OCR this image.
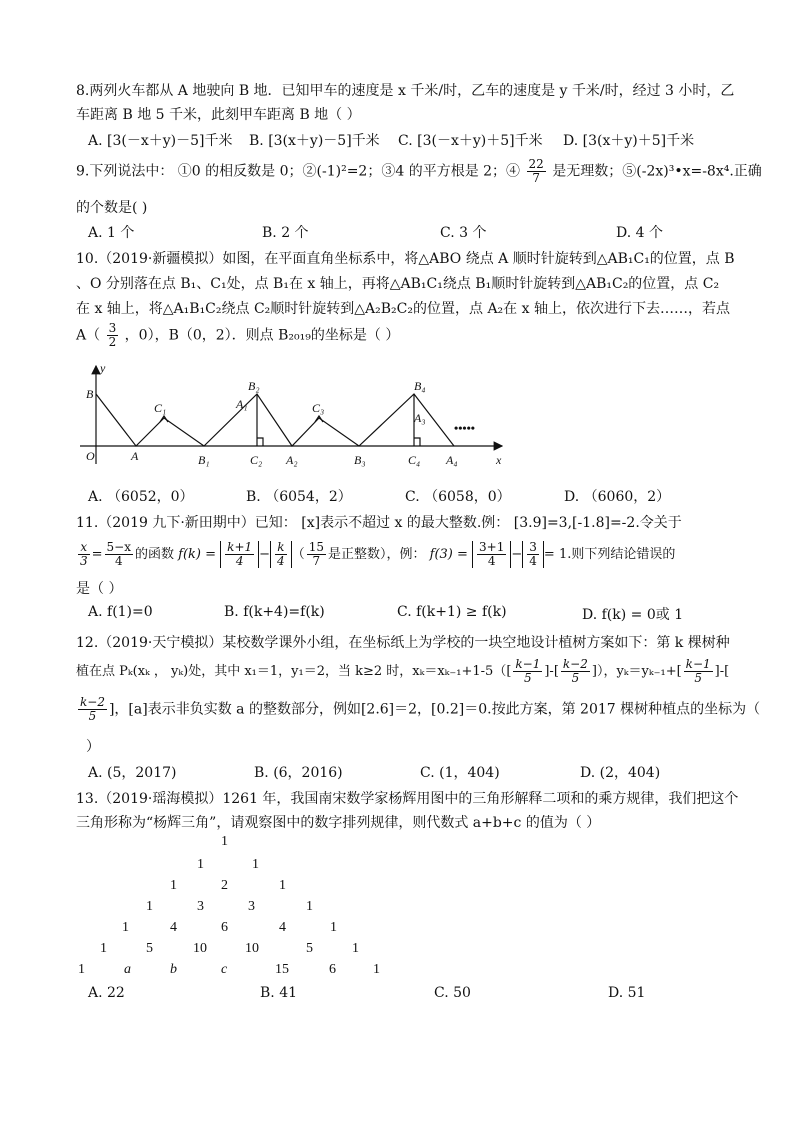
8.两列火车都从 A 地驶向 B 地．已知甲车的速度是 x 千米/时，乙车的速度是 y 千米/时，经过 3 小时，乙
车距离 B 地 5 千米，此刻甲车距离 B 地（ ）
A. [3(－x＋y)－5]千米 B. [3(x＋y)－5]千米 C. [3(－x＋y)＋5]千米 D. [3(x＋y)＋5]千米
9.下列说法中： ①0 的相反数是 0；②(-1)²=2；③4 的平方根是 2；④ $\frac{22}{7}$ 是无理数；⑤(-2x)³•x=-8x⁴.正确
的个数是( )
A. 1 个	B. 2 个	C. 3 个	D. 4 个
10.（2019·新疆模拟）如图，在平面直角坐标系中，将△ABO 绕点 A 顺时针旋转到△AB₁C₁的位置，点 B
、O 分别落在点 B₁、C₁处，点 B₁在 x 轴上，再将△AB₁C₁绕点 B₁顺时针旋转到△AB₁C₂的位置，点 C₂
在 x 轴上，将△A₁B₁C₂绕点 C₂顺时针旋转到△A₂B₂C₂的位置，点 A₂在 x 轴上，依次进行下去……，若点
$A( \frac{3}{2}$ ，0），B（0，2）．则点 B₂₀₁₉的坐标是（ ）
y
B
C₁
O	A	B₁
B₂
A₁
C₂ A₂
C₃
B₃
B₄
A₃
C₄ A₄	x
•••••
A. （6052，0）	B. （6054，2）	C. （6058，0）	D. （6060，2）
11.（2019 九下·新田期中）已知： [x]表示不超过 x 的最大整数.例： [3.9]=3,[-1.8]=-2.令关于
$\frac{x}{3} = \frac{5-x}{4}$ 的函数 $f(k) = \frac{k+1}{4} - \frac{k}{4}$ （ $\frac{15}{7}$ 是正整数），例： $f(3) = \frac{3+1}{4} - \frac{3}{4} = 1$.则下列结论错误的
是（ ）
A. f(1)=0	B. f(k+4)=f(k)	C. f(k+1) ≥ f(k)	D. f(k) = 0或 1
12.（2019·天宁模拟）某校数学课外小组，在坐标纸上为学校的一块空地设计植树方案如下：第 k 棵树种
植在点 Pₖ(xₖ ， yₖ)处，其中 x₁＝1，y₁＝2，当 k≥2 时，$x_k=x_{k-1}+1-5([ \frac{k-1}{5}$ ]-[ $\frac{k-2}{5}$ ]），$y_k=y_{k-1}+[ \frac{k-1}{5}$ ]-[
$\frac{k-2}{5}$ ]，[a]表示非负实数 a 的整数部分，例如[2.6]＝2，[0.2]＝0.按此方案，第 2017 棵树种植点的坐标为（
）
A. (5，2017)	B. (6，2016)	C. (1，404)	D. (2，404)
13.（2019·瑶海模拟）1261 年，我国南宋数学家杨辉用图中的三角形解释二项和的乘方规律，我们把这个
三角形称为“杨辉三角”，请观察图中的数字排列规律，则代数式 a+b+c 的值为（ ）
1
1	1
1	2	1
1	3	3	1
1	4	6	4	1
1	5	10	10	5	1
1	a	b	c	15	6	1
A. 22	B. 41	C. 50	D. 51
